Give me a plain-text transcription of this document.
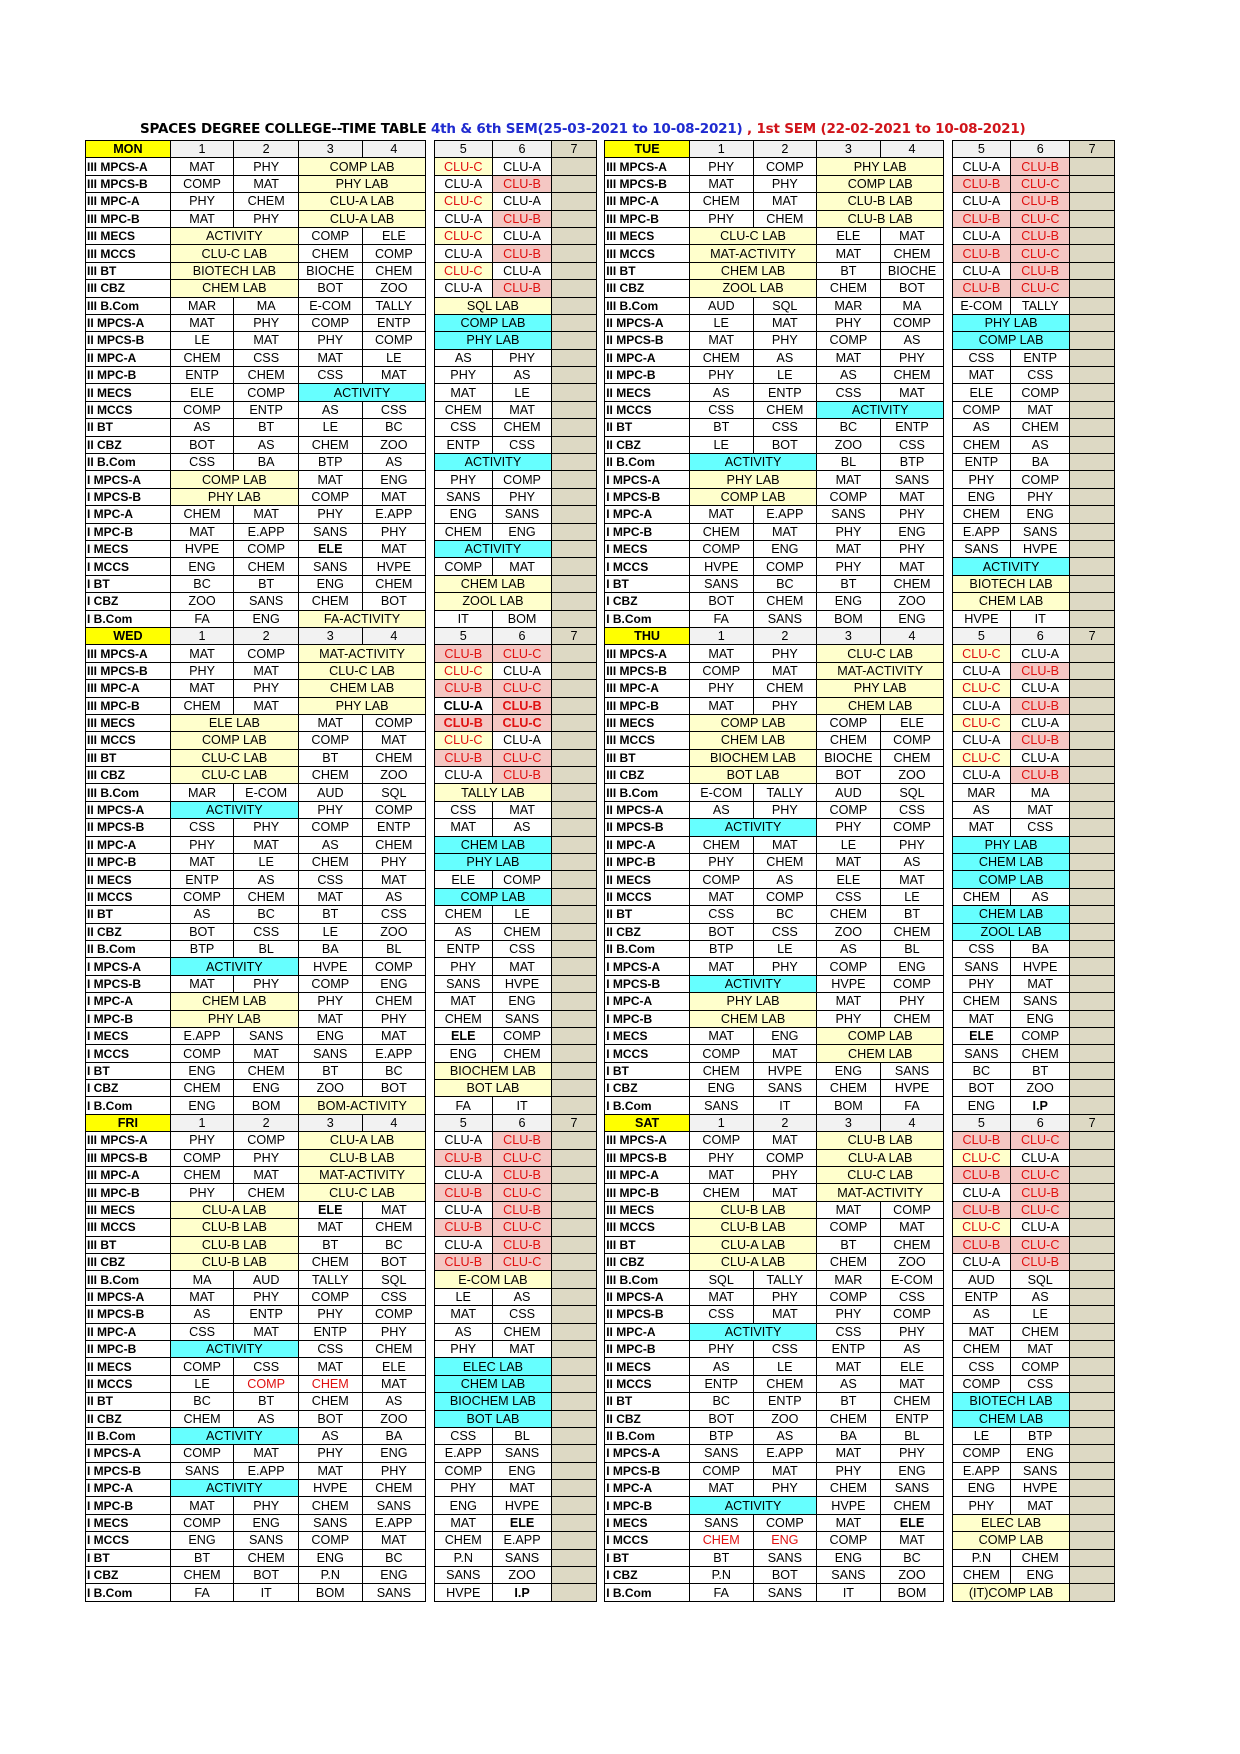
SPACES DEGREE COLLEGE--TIME TABLE 4th & 6th SEM(25-03-2021 to 10-08-2021) , 1st SEM (22-02-2021 to 10-08-2021)
MON	1	2	3	4		5	6	7		TUE	1	2	3	4		5	6	7
III MPCS-A	MAT	PHY	COMP LAB			CLU-C	CLU-A			III MPCS-A	PHY	COMP	PHY LAB			CLU-A	CLU-B	
III MPCS-B	COMP	MAT	PHY LAB			CLU-A	CLU-B			III MPCS-B	MAT	PHY	COMP LAB			CLU-B	CLU-C	
III MPC-A	PHY	CHEM	CLU-A LAB			CLU-C	CLU-A			III MPC-A	CHEM	MAT	CLU-B LAB			CLU-A	CLU-B	
III MPC-B	MAT	PHY	CLU-A LAB			CLU-A	CLU-B			III MPC-B	PHY	CHEM	CLU-B LAB			CLU-B	CLU-C	
III MECS	ACTIVITY		COMP	ELE		CLU-C	CLU-A			III MECS	CLU-C LAB		ELE	MAT		CLU-A	CLU-B	
III MCCS	CLU-C LAB		CHEM	COMP		CLU-A	CLU-B			III MCCS	MAT-ACTIVITY		MAT	CHEM		CLU-B	CLU-C	
III BT	BIOTECH LAB		BIOCHE	CHEM		CLU-C	CLU-A			III BT	CHEM LAB		BT	BIOCHE		CLU-A	CLU-B	
III CBZ	CHEM LAB		BOT	ZOO		CLU-A	CLU-B			III CBZ	ZOOL LAB		CHEM	BOT		CLU-B	CLU-C	
III B.Com	MAR	MA	E-COM	TALLY		SQL LAB				III B.Com	AUD	SQL	MAR	MA		E-COM	TALLY	
II MPCS-A	MAT	PHY	COMP	ENTP		COMP LAB				II MPCS-A	LE	MAT	PHY	COMP		PHY LAB		
II MPCS-B	LE	MAT	PHY	COMP		PHY LAB				II MPCS-B	MAT	PHY	COMP	AS		COMP LAB		
II MPC-A	CHEM	CSS	MAT	LE		AS	PHY			II MPC-A	CHEM	AS	MAT	PHY		CSS	ENTP	
II MPC-B	ENTP	CHEM	CSS	MAT		PHY	AS			II MPC-B	PHY	LE	AS	CHEM		MAT	CSS	
II MECS	ELE	COMP	ACTIVITY			MAT	LE			II MECS	AS	ENTP	CSS	MAT		ELE	COMP	
II MCCS	COMP	ENTP	AS	CSS		CHEM	MAT			II MCCS	CSS	CHEM	ACTIVITY			COMP	MAT	
II BT	AS	BT	LE	BC		CSS	CHEM			II BT	BT	CSS	BC	ENTP		AS	CHEM	
II CBZ	BOT	AS	CHEM	ZOO		ENTP	CSS			II CBZ	LE	BOT	ZOO	CSS		CHEM	AS	
II B.Com	CSS	BA	BTP	AS		ACTIVITY				II B.Com	ACTIVITY		BL	BTP		ENTP	BA	
I MPCS-A	COMP LAB		MAT	ENG		PHY	COMP			I MPCS-A	PHY LAB		MAT	SANS		PHY	COMP	
I MPCS-B	PHY LAB		COMP	MAT		SANS	PHY			I MPCS-B	COMP LAB		COMP	MAT		ENG	PHY	
I MPC-A	CHEM	MAT	PHY	E.APP		ENG	SANS			I MPC-A	MAT	E.APP	SANS	PHY		CHEM	ENG	
I MPC-B	MAT	E.APP	SANS	PHY		CHEM	ENG			I MPC-B	CHEM	MAT	PHY	ENG		E.APP	SANS	
I MECS	HVPE	COMP	ELE	MAT		ACTIVITY				I MECS	COMP	ENG	MAT	PHY		SANS	HVPE	
I MCCS	ENG	CHEM	SANS	HVPE		COMP	MAT			I MCCS	HVPE	COMP	PHY	MAT		ACTIVITY		
I BT	BC	BT	ENG	CHEM		CHEM LAB				I BT	SANS	BC	BT	CHEM		BIOTECH LAB		
I CBZ	ZOO	SANS	CHEM	BOT		ZOOL LAB				I CBZ	BOT	CHEM	ENG	ZOO		CHEM LAB		
I B.Com	FA	ENG	FA-ACTIVITY			IT	BOM			I B.Com	FA	SANS	BOM	ENG		HVPE	IT	
WED	1	2	3	4		5	6	7		THU	1	2	3	4		5	6	7
III MPCS-A	MAT	COMP	MAT-ACTIVITY			CLU-B	CLU-C			III MPCS-A	MAT	PHY	CLU-C LAB			CLU-C	CLU-A	
III MPCS-B	PHY	MAT	CLU-C LAB			CLU-C	CLU-A			III MPCS-B	COMP	MAT	MAT-ACTIVITY			CLU-A	CLU-B	
III MPC-A	MAT	PHY	CHEM LAB			CLU-B	CLU-C			III MPC-A	PHY	CHEM	PHY LAB			CLU-C	CLU-A	
III MPC-B	CHEM	MAT	PHY LAB			CLU-A	CLU-B			III MPC-B	MAT	PHY	CHEM LAB			CLU-A	CLU-B	
III MECS	ELE LAB		MAT	COMP		CLU-B	CLU-C			III MECS	COMP LAB		COMP	ELE		CLU-C	CLU-A	
III MCCS	COMP LAB		COMP	MAT		CLU-C	CLU-A			III MCCS	CHEM LAB		CHEM	COMP		CLU-A	CLU-B	
III BT	CLU-C LAB		BT	CHEM		CLU-B	CLU-C			III BT	BIOCHEM LAB		BIOCHE	CHEM		CLU-C	CLU-A	
III CBZ	CLU-C LAB		CHEM	ZOO		CLU-A	CLU-B			III CBZ	BOT LAB		BOT	ZOO		CLU-A	CLU-B	
III B.Com	MAR	E-COM	AUD	SQL		TALLY LAB				III B.Com	E-COM	TALLY	AUD	SQL		MAR	MA	
II MPCS-A	ACTIVITY		PHY	COMP		CSS	MAT			II MPCS-A	AS	PHY	COMP	CSS		AS	MAT	
II MPCS-B	CSS	PHY	COMP	ENTP		MAT	AS			II MPCS-B	ACTIVITY		PHY	COMP		MAT	CSS	
II MPC-A	PHY	MAT	AS	CHEM		CHEM LAB				II MPC-A	CHEM	MAT	LE	PHY		PHY LAB		
II MPC-B	MAT	LE	CHEM	PHY		PHY LAB				II MPC-B	PHY	CHEM	MAT	AS		CHEM LAB		
II MECS	ENTP	AS	CSS	MAT		ELE	COMP			II MECS	COMP	AS	ELE	MAT		COMP LAB		
II MCCS	COMP	CHEM	MAT	AS		COMP LAB				II MCCS	MAT	COMP	CSS	LE		CHEM	AS	
II BT	AS	BC	BT	CSS		CHEM	LE			II BT	CSS	BC	CHEM	BT		CHEM LAB		
II CBZ	BOT	CSS	LE	ZOO		AS	CHEM			II CBZ	BOT	CSS	ZOO	CHEM		ZOOL LAB		
II B.Com	BTP	BL	BA	BL		ENTP	CSS			II B.Com	BTP	LE	AS	BL		CSS	BA	
I MPCS-A	ACTIVITY		HVPE	COMP		PHY	MAT			I MPCS-A	MAT	PHY	COMP	ENG		SANS	HVPE	
I MPCS-B	MAT	PHY	COMP	ENG		SANS	HVPE			I MPCS-B	ACTIVITY		HVPE	COMP		PHY	MAT	
I MPC-A	CHEM LAB		PHY	CHEM		MAT	ENG			I MPC-A	PHY LAB		MAT	PHY		CHEM	SANS	
I MPC-B	PHY LAB		MAT	PHY		CHEM	SANS			I MPC-B	CHEM LAB		PHY	CHEM		MAT	ENG	
I MECS	E.APP	SANS	ENG	MAT		ELE	COMP			I MECS	MAT	ENG	COMP LAB			ELE	COMP	
I MCCS	COMP	MAT	SANS	E.APP		ENG	CHEM			I MCCS	COMP	MAT	CHEM LAB			SANS	CHEM	
I BT	ENG	CHEM	BT	BC		BIOCHEM LAB				I BT	CHEM	HVPE	ENG	SANS		BC	BT	
I CBZ	CHEM	ENG	ZOO	BOT		BOT LAB				I CBZ	ENG	SANS	CHEM	HVPE		BOT	ZOO	
I B.Com	ENG	BOM	BOM-ACTIVITY			FA	IT			I B.Com	SANS	IT	BOM	FA		ENG	I.P	
FRI	1	2	3	4		5	6	7		SAT	1	2	3	4		5	6	7
III MPCS-A	PHY	COMP	CLU-A LAB			CLU-A	CLU-B			III MPCS-A	COMP	MAT	CLU-B LAB			CLU-B	CLU-C	
III MPCS-B	COMP	PHY	CLU-B LAB			CLU-B	CLU-C			III MPCS-B	PHY	COMP	CLU-A LAB			CLU-C	CLU-A	
III MPC-A	CHEM	MAT	MAT-ACTIVITY			CLU-A	CLU-B			III MPC-A	MAT	PHY	CLU-C LAB			CLU-B	CLU-C	
III MPC-B	PHY	CHEM	CLU-C LAB			CLU-B	CLU-C			III MPC-B	CHEM	MAT	MAT-ACTIVITY			CLU-A	CLU-B	
III MECS	CLU-A LAB		ELE	MAT		CLU-A	CLU-B			III MECS	CLU-B LAB		MAT	COMP		CLU-B	CLU-C	
III MCCS	CLU-B LAB		MAT	CHEM		CLU-B	CLU-C			III MCCS	CLU-B LAB		COMP	MAT		CLU-C	CLU-A	
III BT	CLU-B LAB		BT	BC		CLU-A	CLU-B			III BT	CLU-A LAB		BT	CHEM		CLU-B	CLU-C	
III CBZ	CLU-B LAB		CHEM	BOT		CLU-B	CLU-C			III CBZ	CLU-A LAB		CHEM	ZOO		CLU-A	CLU-B	
III B.Com	MA	AUD	TALLY	SQL		E-COM LAB				III B.Com	SQL	TALLY	MAR	E-COM		AUD	SQL	
II MPCS-A	MAT	PHY	COMP	CSS		LE	AS			II MPCS-A	MAT	PHY	COMP	CSS		ENTP	AS	
II MPCS-B	AS	ENTP	PHY	COMP		MAT	CSS			II MPCS-B	CSS	MAT	PHY	COMP		AS	LE	
II MPC-A	CSS	MAT	ENTP	PHY		AS	CHEM			II MPC-A	ACTIVITY		CSS	PHY		MAT	CHEM	
II MPC-B	ACTIVITY		CSS	CHEM		PHY	MAT			II MPC-B	PHY	CSS	ENTP	AS		CHEM	MAT	
II MECS	COMP	CSS	MAT	ELE		ELEC LAB				II MECS	AS	LE	MAT	ELE		CSS	COMP	
II MCCS	LE	COMP	CHEM	MAT		CHEM LAB				II MCCS	ENTP	CHEM	AS	MAT		COMP	CSS	
II BT	BC	BT	CHEM	AS		BIOCHEM LAB				II BT	BC	ENTP	BT	CHEM		BIOTECH LAB		
II CBZ	CHEM	AS	BOT	ZOO		BOT LAB				II CBZ	BOT	ZOO	CHEM	ENTP		CHEM LAB		
II B.Com	ACTIVITY		AS	BA		CSS	BL			II B.Com	BTP	AS	BA	BL		LE	BTP	
I MPCS-A	COMP	MAT	PHY	ENG		E.APP	SANS			I MPCS-A	SANS	E.APP	MAT	PHY		COMP	ENG	
I MPCS-B	SANS	E.APP	MAT	PHY		COMP	ENG			I MPCS-B	COMP	MAT	PHY	ENG		E.APP	SANS	
I MPC-A	ACTIVITY		HVPE	CHEM		PHY	MAT			I MPC-A	MAT	PHY	CHEM	SANS		ENG	HVPE	
I MPC-B	MAT	PHY	CHEM	SANS		ENG	HVPE			I MPC-B	ACTIVITY		HVPE	CHEM		PHY	MAT	
I MECS	COMP	ENG	SANS	E.APP		MAT	ELE			I MECS	SANS	COMP	MAT	ELE		ELEC LAB		
I MCCS	ENG	SANS	COMP	MAT		CHEM	E.APP			I MCCS	CHEM	ENG	COMP	MAT		COMP LAB		
I BT	BT	CHEM	ENG	BC		P.N	SANS			I BT	BT	SANS	ENG	BC		P.N	CHEM	
I CBZ	CHEM	BOT	P.N	ENG		SANS	ZOO			I CBZ	P.N	BOT	SANS	ZOO		CHEM	ENG	
I B.Com	FA	IT	BOM	SANS		HVPE	I.P			I B.Com	FA	SANS	IT	BOM		(IT)COMP LAB		
